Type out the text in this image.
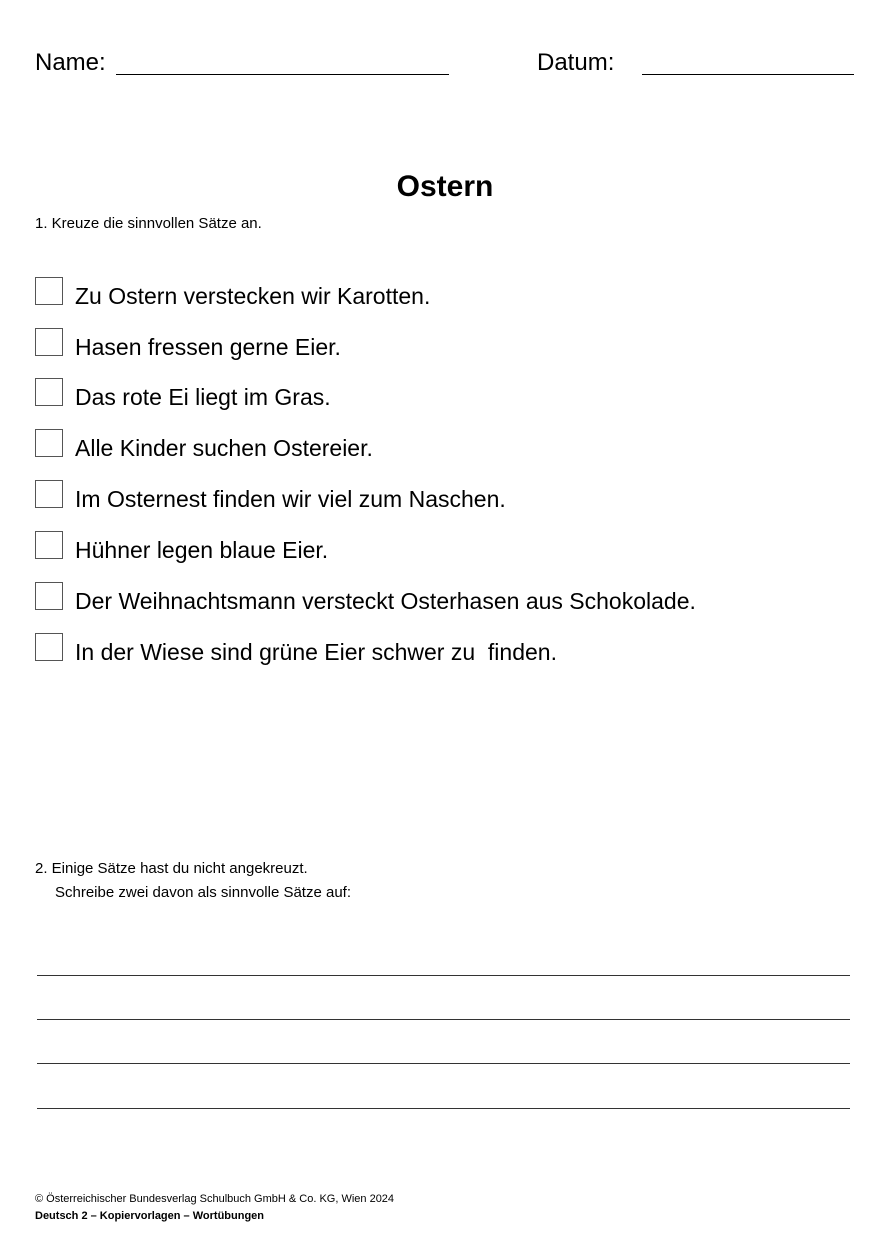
Name:	Datum:
Ostern
1. Kreuze die sinnvollen Sätze an.
Zu Ostern verstecken wir Karotten.
Hasen fressen gerne Eier.
Das rote Ei liegt im Gras.
Alle Kinder suchen Ostereier.
Im Osternest finden wir viel zum Naschen.
Hühner legen blaue Eier.
Der Weihnachtsmann versteckt Osterhasen aus Schokolade.
In der Wiese sind grüne Eier schwer zu  finden.
2. Einige Sätze hast du nicht angekreuzt.
Schreibe zwei davon als sinnvolle Sätze auf:
© Österreichischer Bundesverlag Schulbuch GmbH & Co. KG, Wien 2024
Deutsch 2 – Kopiervorlagen – Wortübungen
